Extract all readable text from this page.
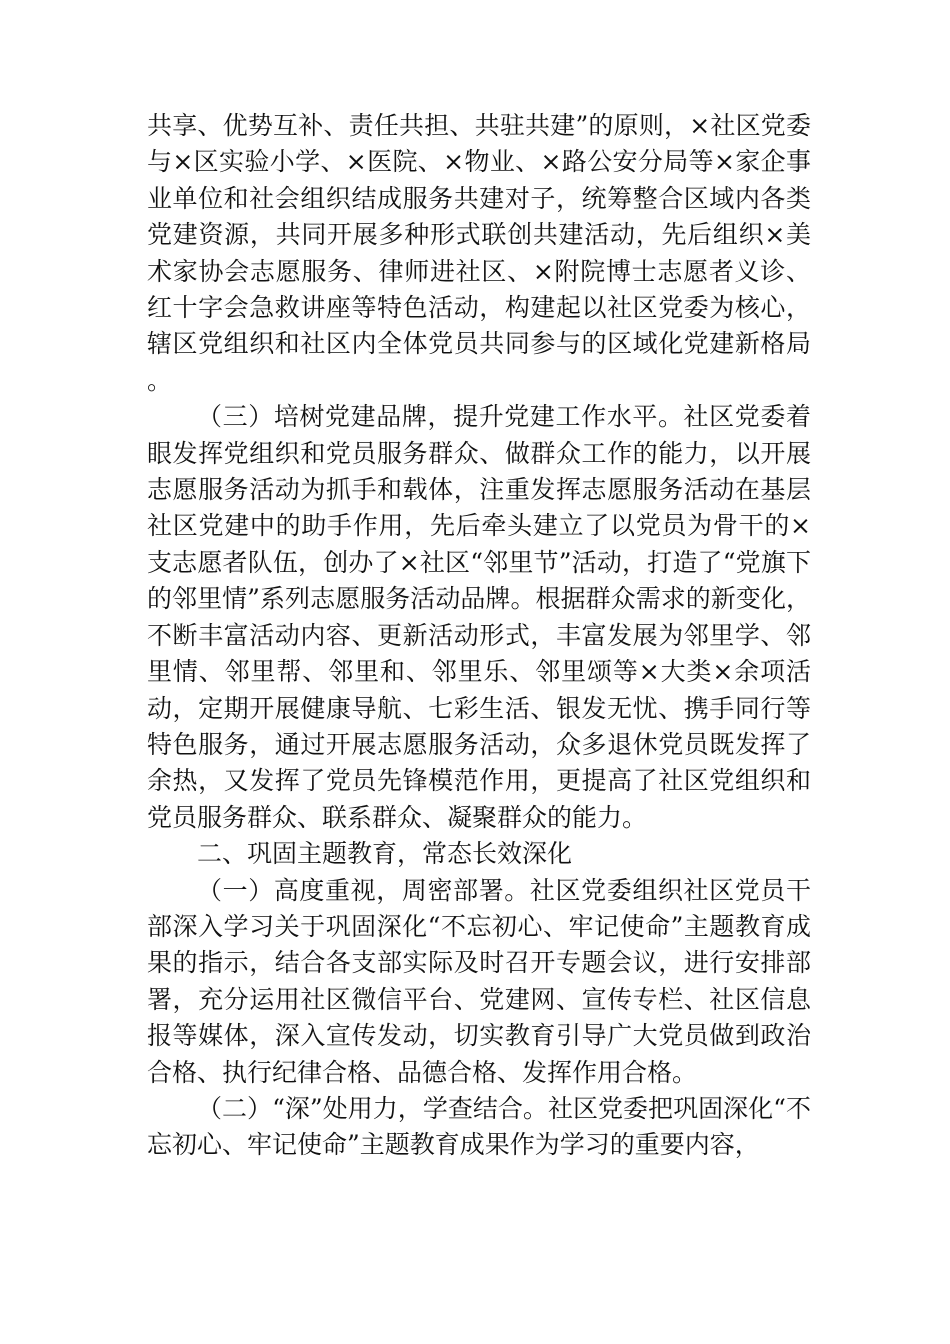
共享、优势互补、责任共担、共驻共建”的原则，×社区党委与×区实验小学、×医院、×物业、×路公安分局等×家企事业单位和社会组织结成服务共建对子，统筹整合区域内各类党建资源，共同开展多种形式联创共建活动，先后组织×美术家协会志愿服务、律师进社区、×附院博士志愿者义诊、红十字会急救讲座等特色活动，构建起以社区党委为核心，辖区党组织和社区内全体党员共同参与的区域化党建新格局。

（三）培树党建品牌，提升党建工作水平。社区党委着眼发挥党组织和党员服务群众、做群众工作的能力，以开展志愿服务活动为抓手和载体，注重发挥志愿服务活动在基层社区党建中的助手作用，先后牵头建立了以党员为骨干的×支志愿者队伍，创办了×社区“邻里节”活动，打造了“党旗下的邻里情”系列志愿服务活动品牌。根据群众需求的新变化，不断丰富活动内容、更新活动形式，丰富发展为邻里学、邻里情、邻里帮、邻里和、邻里乐、邻里颂等×大类×余项活动，定期开展健康导航、七彩生活、银发无忧、携手同行等特色服务，通过开展志愿服务活动，众多退休党员既发挥了余热，又发挥了党员先锋模范作用，更提高了社区党组织和党员服务群众、联系群众、凝聚群众的能力。

二、巩固主题教育，常态长效深化

（一）高度重视，周密部署。社区党委组织社区党员干部深入学习关于巩固深化“不忘初心、牢记使命”主题教育成果的指示，结合各支部实际及时召开专题会议，进行安排部署，充分运用社区微信平台、党建网、宣传专栏、社区信息报等媒体，深入宣传发动，切实教育引导广大党员做到政治合格、执行纪律合格、品德合格、发挥作用合格。

（二）“深”处用力，学查结合。社区党委把巩固深化“不忘初心、牢记使命”主题教育成果作为学习的重要内容，
